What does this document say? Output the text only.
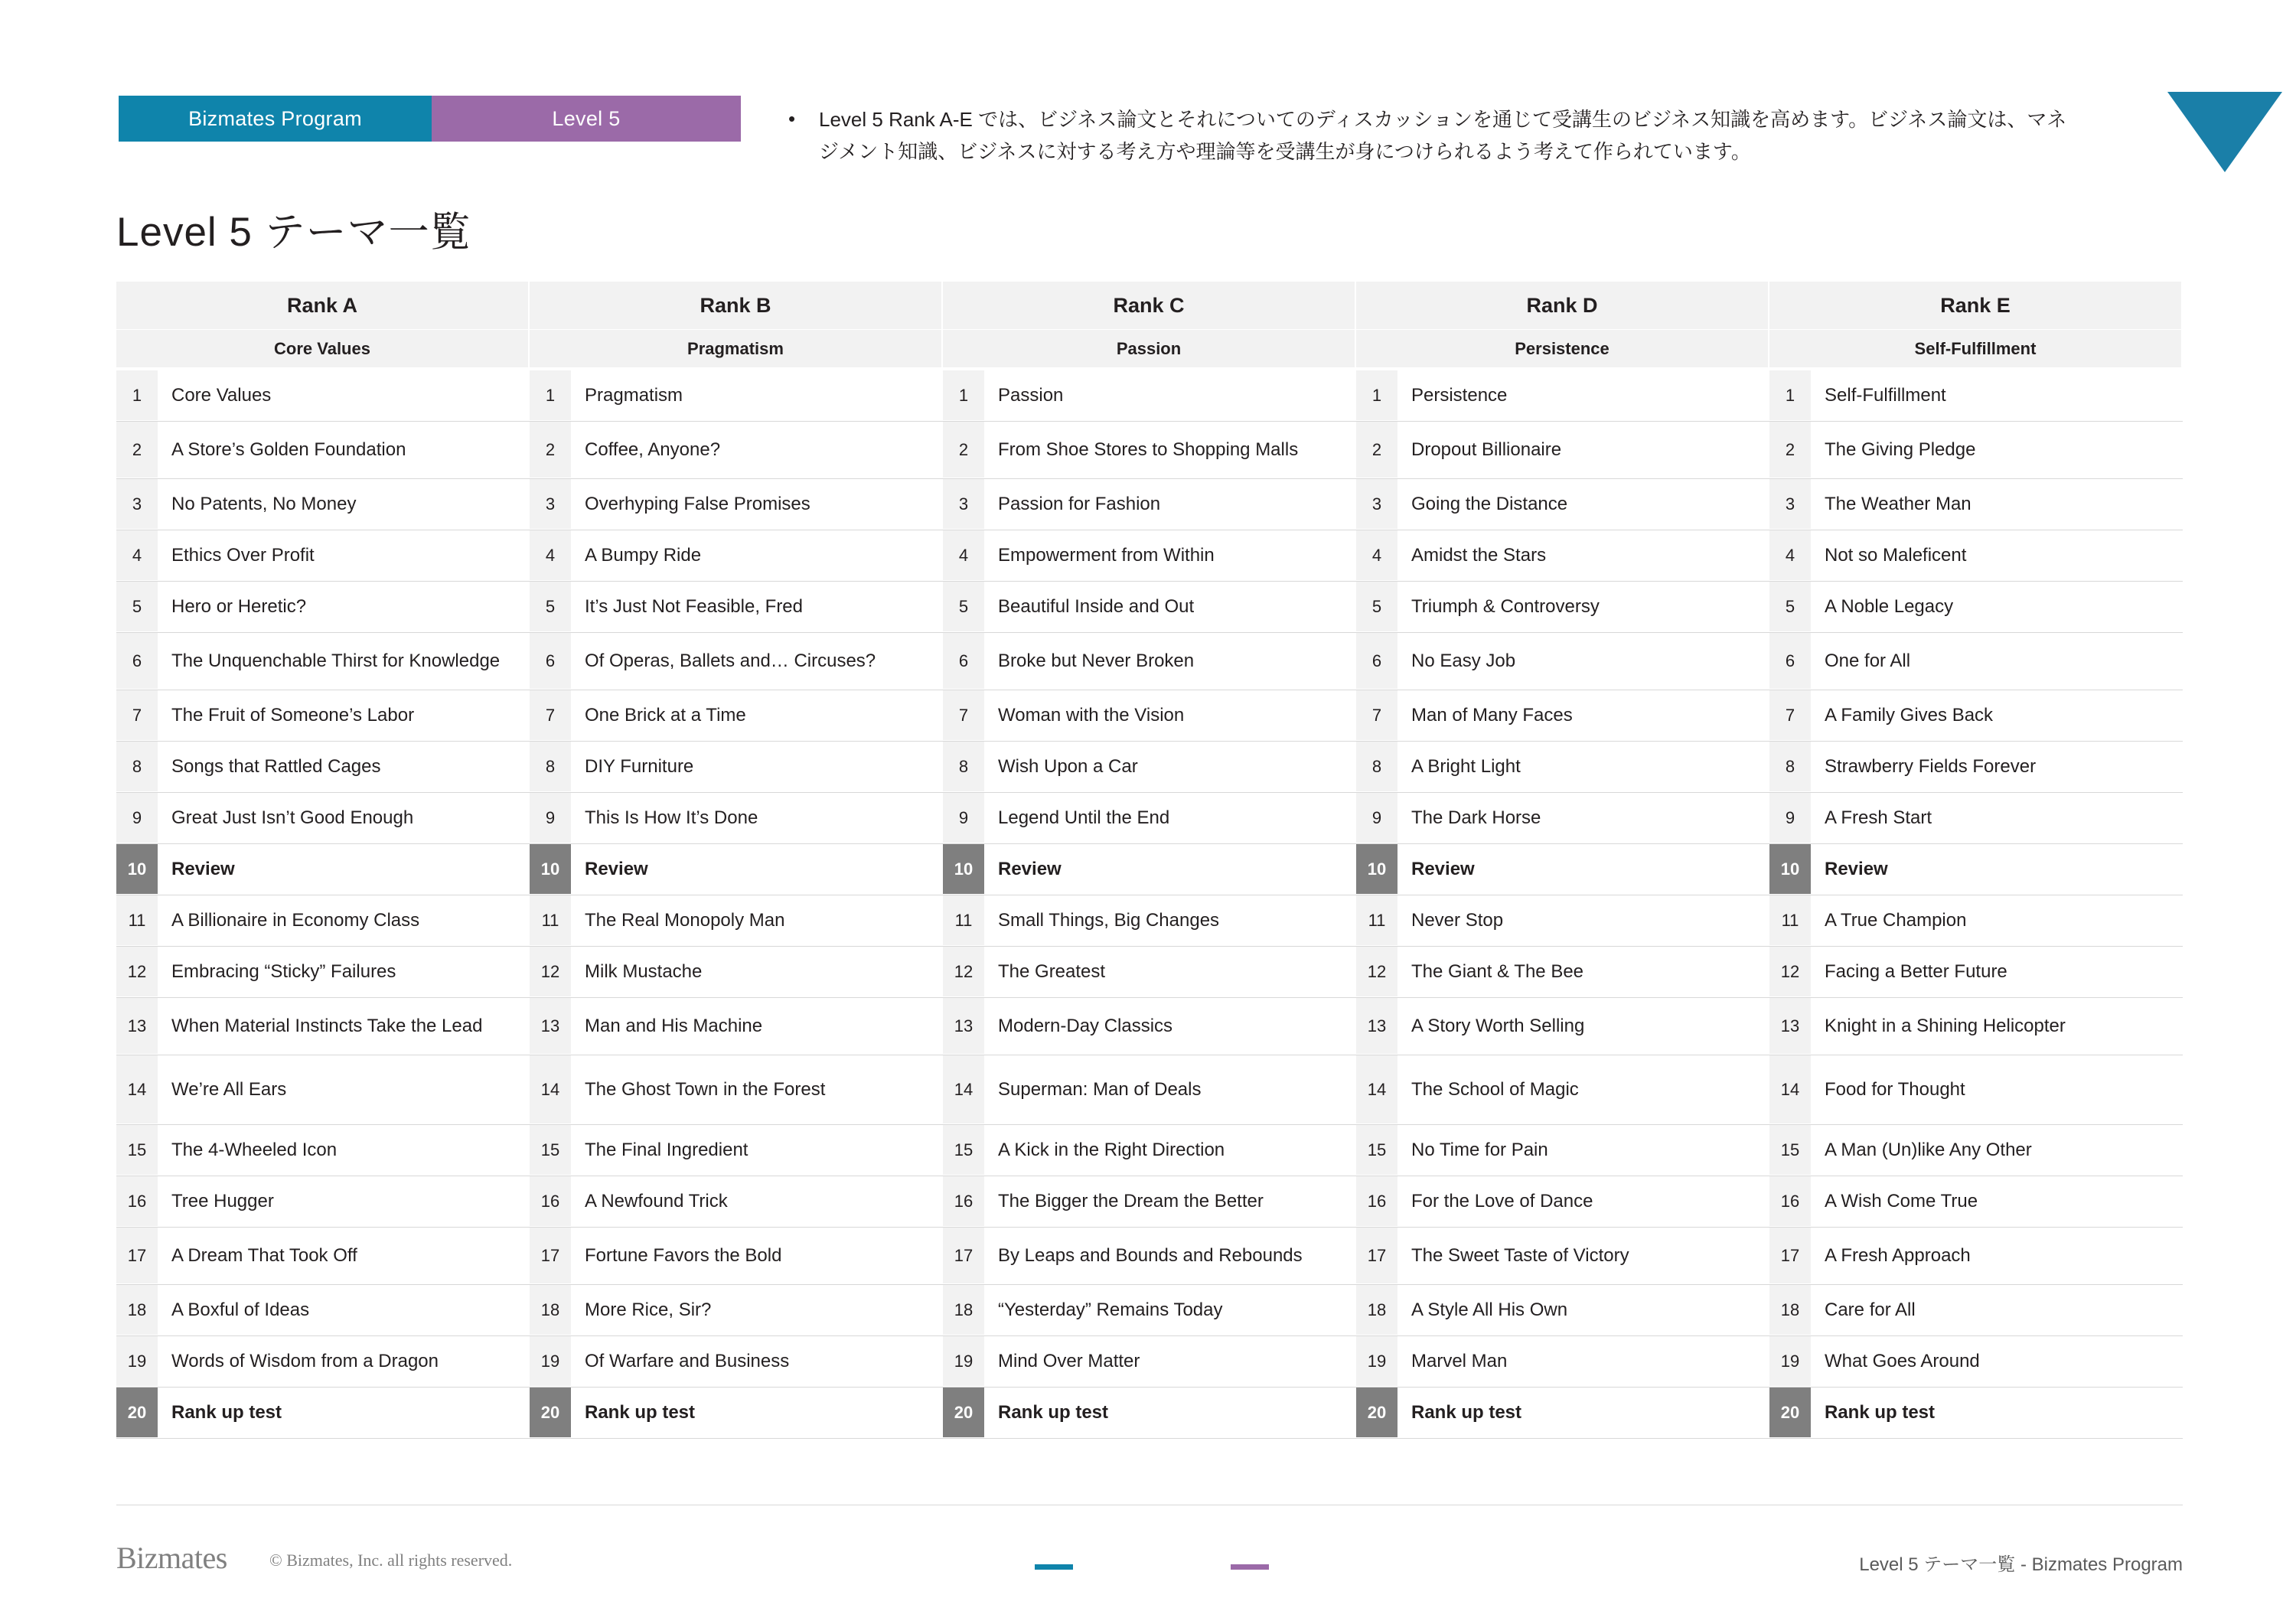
Bizmates Program	Level 5
Level 5 テーマ一覧
•	Level 5 Rank A-E では、ビジネス論文とそれについてのディスカッションを通じて受講生のビジネス知識を高めます。ビジネス論文は、マネジメント知識、ビジネスに対する考え方や理論等を受講生が身につけられるよう考えて作られています。
Rank A
Core Values
1	Core Values
2	A Store’s Golden Foundation
3	No Patents, No Money
4	Ethics Over Profit
5	Hero or Heretic?
6	The Unquenchable Thirst for Knowledge
7	The Fruit of Someone’s Labor
8	Songs that Rattled Cages
9	Great Just Isn’t Good Enough
10	Review
11	A Billionaire in Economy Class
12	Embracing “Sticky” Failures
13	When Material Instincts Take the Lead
14	We’re All Ears
15	The 4-Wheeled Icon
16	Tree Hugger
17	A Dream That Took Off
18	A Boxful of Ideas
19	Words of Wisdom from a Dragon
20	Rank up test
Rank B
Pragmatism
1	Pragmatism
2	Coffee, Anyone?
3	Overhyping False Promises
4	A Bumpy Ride
5	It’s Just Not Feasible, Fred
6	Of Operas, Ballets and… Circuses?
7	One Brick at a Time
8	DIY Furniture
9	This Is How It’s Done
10	Review
11	The Real Monopoly Man
12	Milk Mustache
13	Man and His Machine
14	The Ghost Town in the Forest
15	The Final Ingredient
16	A Newfound Trick
17	Fortune Favors the Bold
18	More Rice, Sir?
19	Of Warfare and Business
20	Rank up test
Rank C
Passion
1	Passion
2	From Shoe Stores to Shopping Malls
3	Passion for Fashion
4	Empowerment from Within
5	Beautiful Inside and Out
6	Broke but Never Broken
7	Woman with the Vision
8	Wish Upon a Car
9	Legend Until the End
10	Review
11	Small Things, Big Changes
12	The Greatest
13	Modern-Day Classics
14	Superman: Man of Deals
15	A Kick in the Right Direction
16	The Bigger the Dream the Better
17	By Leaps and Bounds and Rebounds
18	“Yesterday” Remains Today
19	Mind Over Matter
20	Rank up test
Rank D
Persistence
1	Persistence
2	Dropout Billionaire
3	Going the Distance
4	Amidst the Stars
5	Triumph & Controversy
6	No Easy Job
7	Man of Many Faces
8	A Bright Light
9	The Dark Horse
10	Review
11	Never Stop
12	The Giant & The Bee
13	A Story Worth Selling
14	The School of Magic
15	No Time for Pain
16	For the Love of Dance
17	The Sweet Taste of Victory
18	A Style All His Own
19	Marvel Man
20	Rank up test
Rank E
Self-Fulfillment
1	Self-Fulfillment
2	The Giving Pledge
3	The Weather Man
4	Not so Maleficent
5	A Noble Legacy
6	One for All
7	A Family Gives Back
8	Strawberry Fields Forever
9	A Fresh Start
10	Review
11	A True Champion
12	Facing a Better Future
13	Knight in a Shining Helicopter
14	Food for Thought
15	A Man (Un)like Any Other
16	A Wish Come True
17	A Fresh Approach
18	Care for All
19	What Goes Around
20	Rank up test
Bizmates	© Bizmates, Inc. all rights reserved.	Level 5 テーマ一覧 - Bizmates Program
